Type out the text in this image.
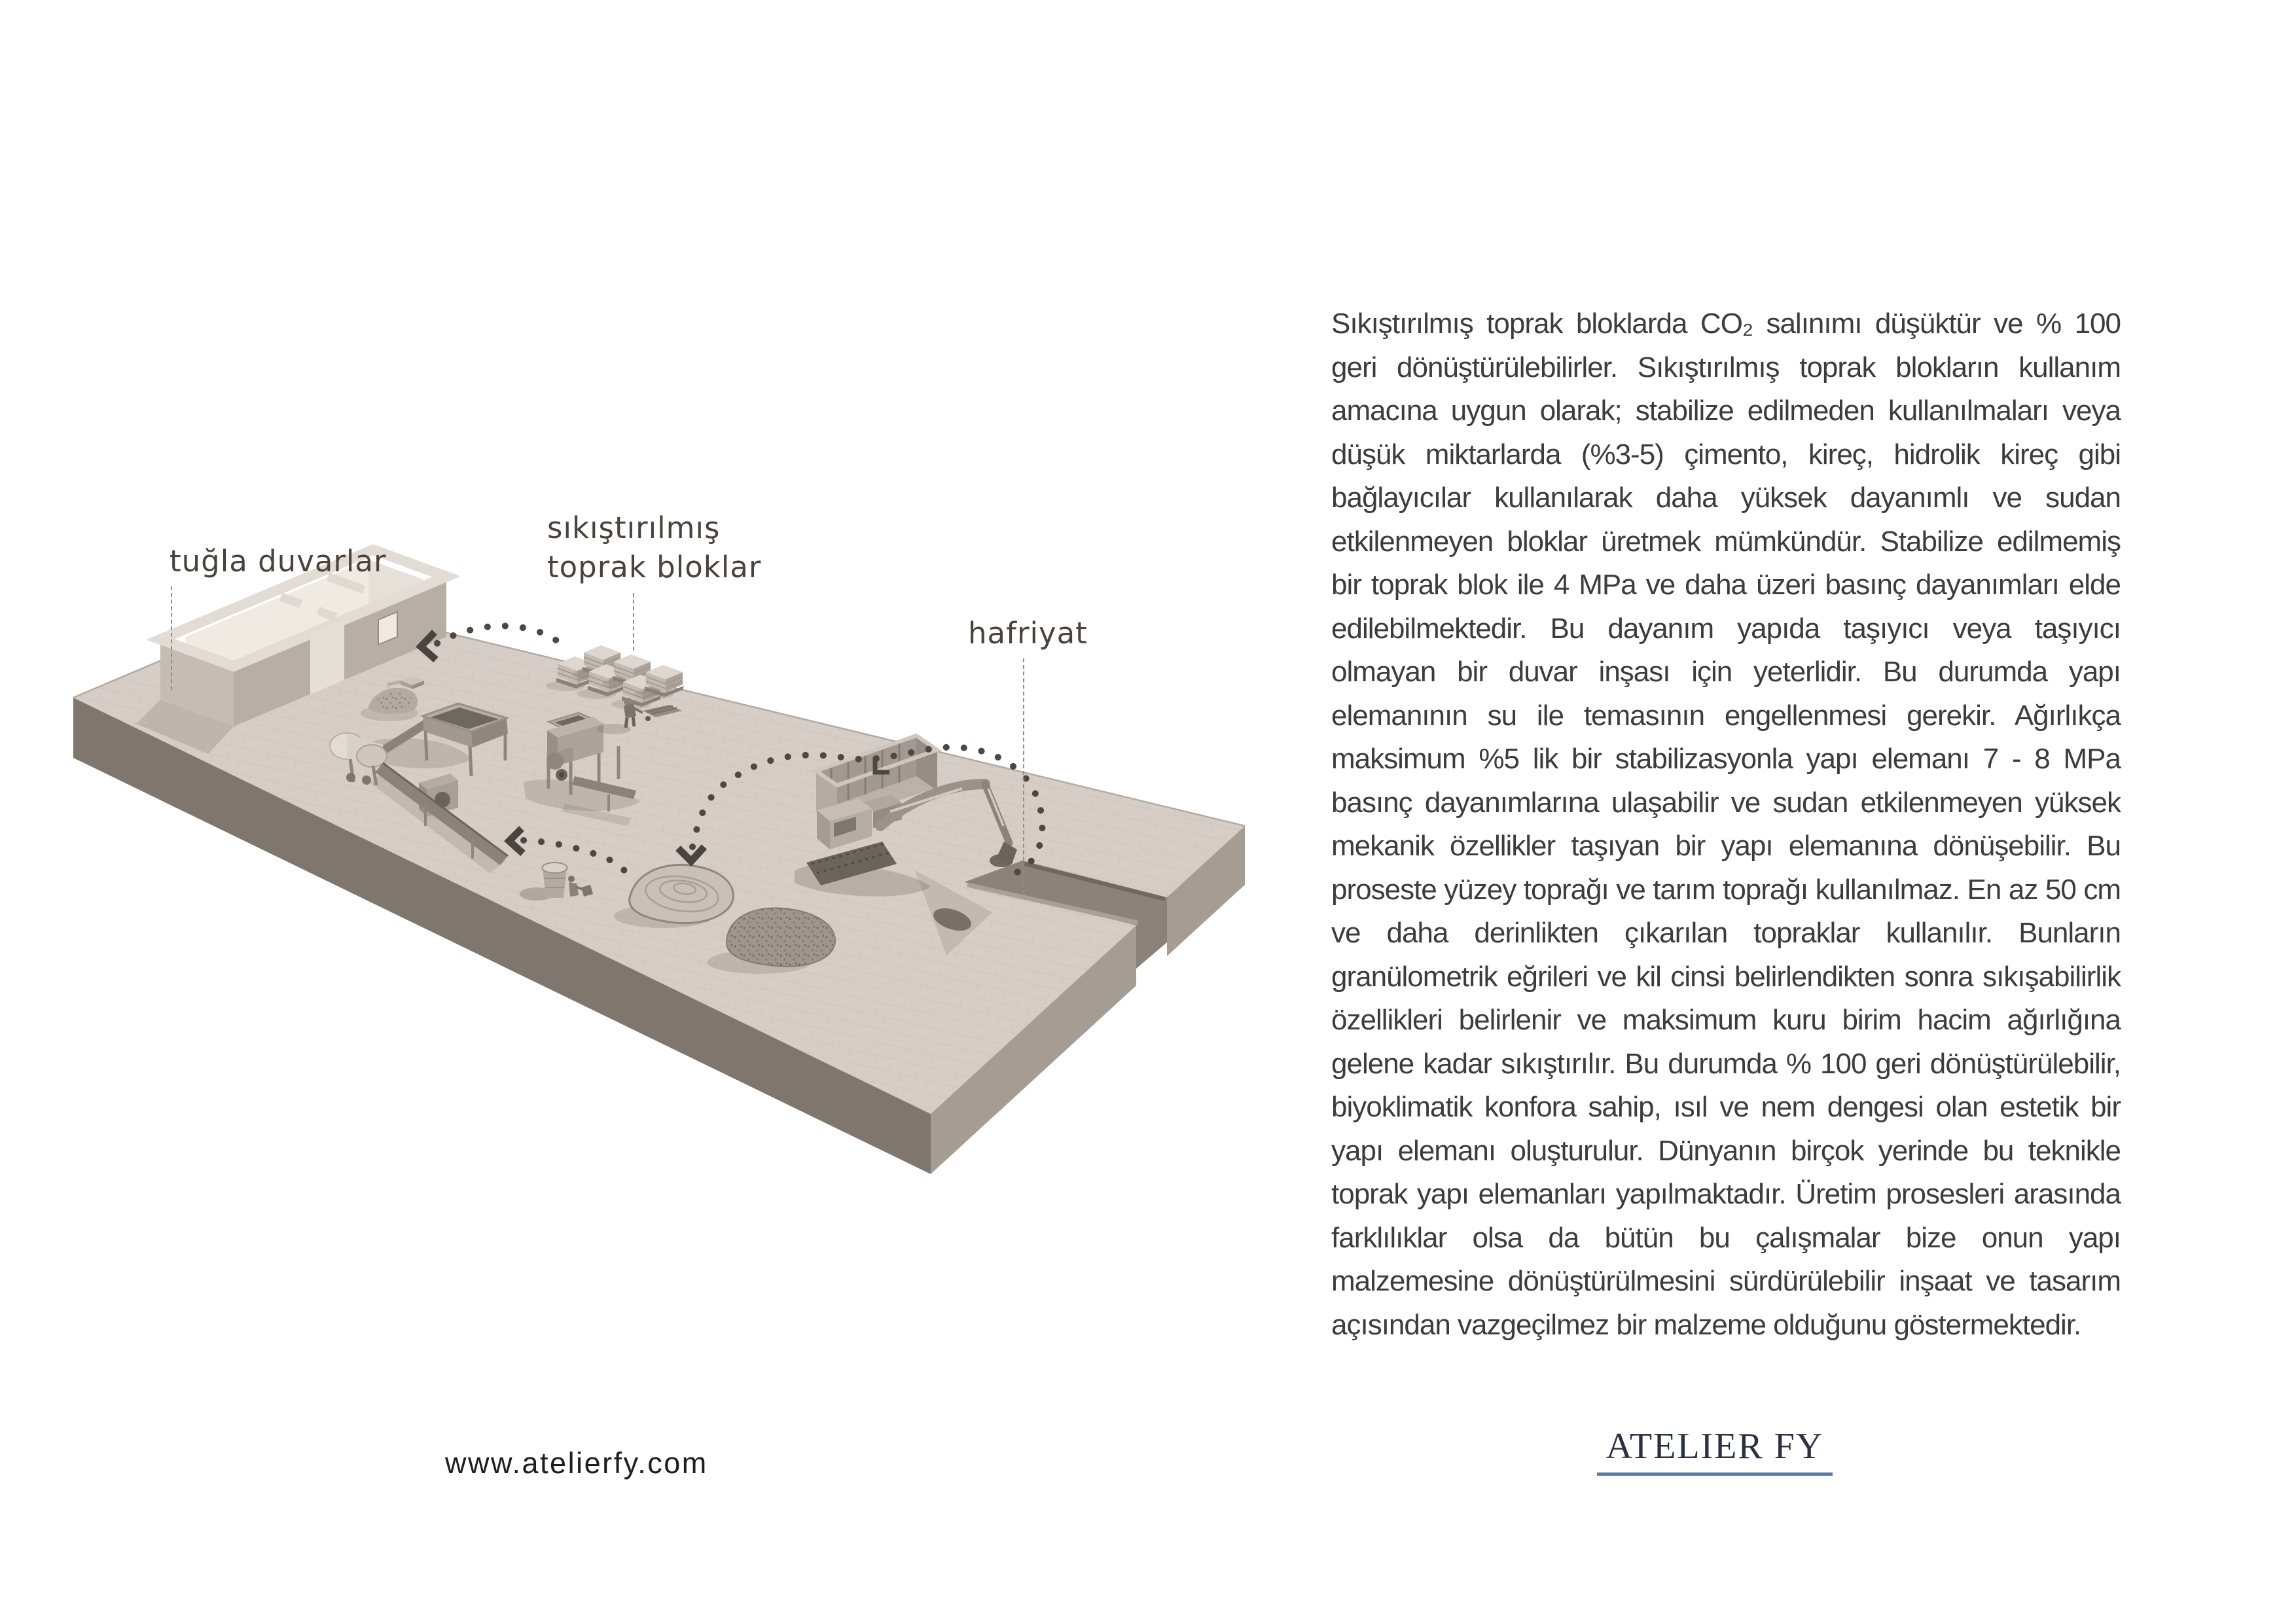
tuğla duvarlar
sıkıştırılmış
toprak bloklar
hafriyat

Sıkıştırılmış toprak bloklarda CO₂ salınımı düşüktür ve % 100 geri dönüştürülebilirler. Sıkıştırılmış toprak blokların kullanım amacına uygun olarak; stabilize edilmeden kullanılmaları veya düşük miktarlarda (%3-5) çimento, kireç, hidrolik kireç gibi bağlayıcılar kullanılarak daha yüksek dayanımlı ve sudan etkilenmeyen bloklar üretmek mümkündür. Stabilize edilmemiş bir toprak blok ile 4 MPa ve daha üzeri basınç dayanımları elde edilebilmektedir. Bu dayanım yapıda taşıyıcı veya taşıyıcı olmayan bir duvar inşası için yeterlidir. Bu durumda yapı elemanının su ile temasının engellenmesi gerekir. Ağırlıkça maksimum %5 lik bir stabilizasyonla yapı elemanı 7 - 8 MPa basınç dayanımlarına ulaşabilir ve sudan etkilenmeyen yüksek mekanik özellikler taşıyan bir yapı elemanına dönüşebilir. Bu proseste yüzey toprağı ve tarım toprağı kullanılmaz. En az 50 cm ve daha derinlikten çıkarılan topraklar kullanılır. Bunların granülometrik eğrileri ve kil cinsi belirlendikten sonra sıkışabilirlik özellikleri belirlenir ve maksimum kuru birim hacim ağırlığına gelene kadar sıkıştırılır. Bu durumda % 100 geri dönüştürülebilir, biyoklimatik konfora sahip, ısıl ve nem dengesi olan estetik bir yapı elemanı oluşturulur. Dünyanın birçok yerinde bu teknikle toprak yapı elemanları yapılmaktadır. Üretim prosesleri arasında farklılıklar olsa da bütün bu çalışmalar bize onun yapı malzemesine dönüştürülmesini sürdürülebilir inşaat ve tasarım açısından vazgeçilmez bir malzeme olduğunu göstermektedir.

www.atelierfy.com	ATELIER FY
